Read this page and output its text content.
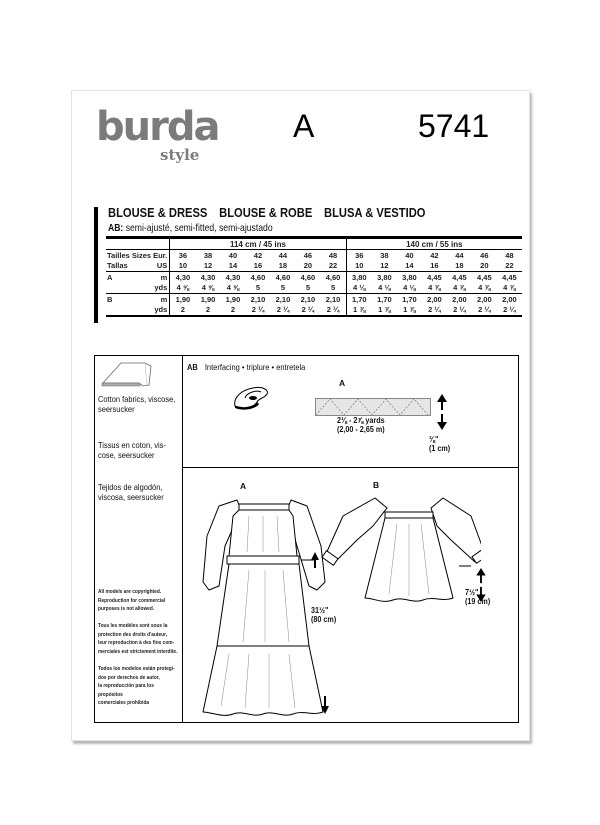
burda
style
A	5741
BLOUSE & DRESS BLOUSE & ROBE BLUSA & VESTIDO
AB: semi-ajusté, semi-fitted, semi-ajustado
		114 cm / 45 ins							140 cm / 55 ins						
Tailles Sizes	Eur.	36	38	40	42	44	46	48	36	38	40	42	44	46	48
Tallas	US	10	12	14	16	18	20	22	10	12	14	16	18	20	22
A	m	4,30	4,30	4,30	4,60	4,60	4,60	4,60	3,80	3,80	3,80	4,45	4,45	4,45	4,45
	yds	4 ⅝	4 ⅝	4 ⅝	5	5	5	5	4 ⅛	4 ⅛	4 ⅛	4 ⅞	4 ⅞	4 ⅞	4 ⅞
B	m	1,90	1,90	1,90	2,10	2,10	2,10	2,10	1,70	1,70	1,70	2,00	2,00	2,00	2,00
	yds	2	2	2	2 ¼	2 ¼	2 ¼	2 ¼	1 ⅞	1 ⅞	1 ⅞	2 ¼	2 ¼	2 ¼	2 ¼
Cotton fabrics, viscose,
seersucker
Tissus en coton, vis-
cose, seersucker
Tejidos de algodón,
viscosa, seersucker
All models are copyrighted.
Reproduction for commercial
purposes is not allowed.
Tous les modèles sont sous la
protection des droits d'auteur,
leur reproduction à des fins com-
merciales est strictement interdite.
Todos los modelos están protegi-
dos por derechos de autor,
la reproducción para los propósitos
comerciales prohibida
AB Interfacing • triplure • entretela
A
2⅛ - 2⅞ yards
(2,00 - 2,65 m)
⅜"
(1 cm)
A
31½"
(80 cm)
B
7½"
(19 cm)
